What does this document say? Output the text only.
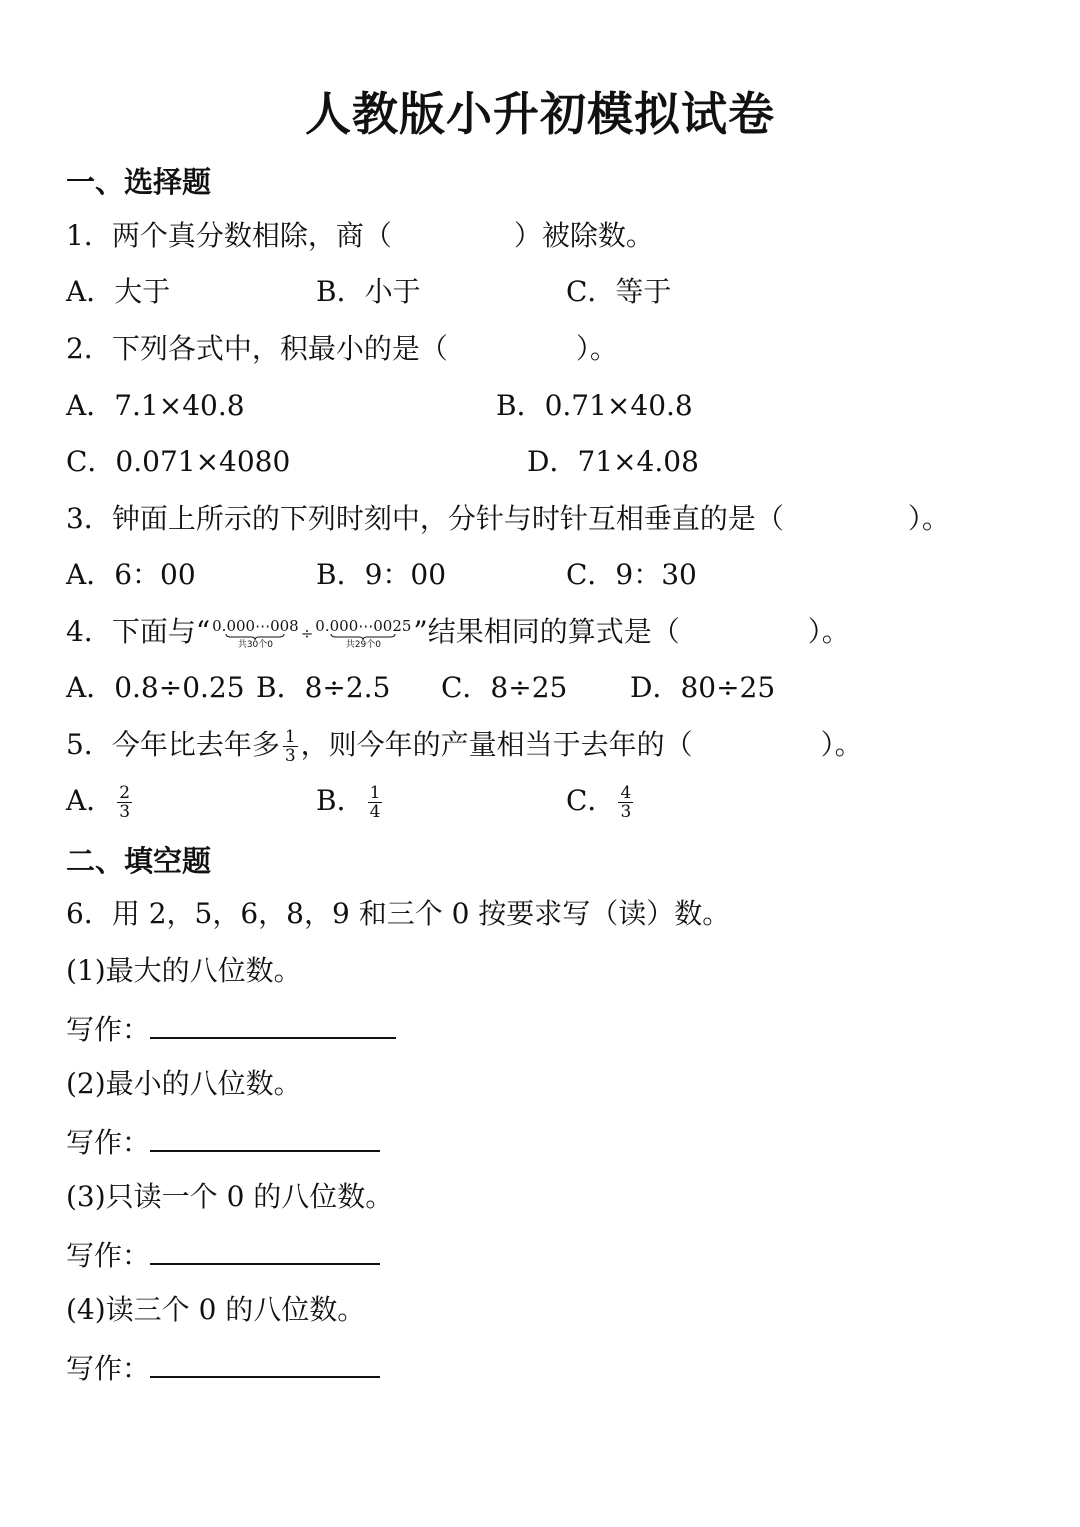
人教版小升初模拟试卷
一、选择题
1．两个真分数相除，商（	）被除数。
A．大于	B．小于	C．等于
2．下列各式中，积最小的是（	）。
A．7.1×40.8	B．0.71×40.8
C．0.071×4080	D．71×4.08
3．钟面上所示的下列时刻中，分针与时针互相垂直的是（	）。
A．6：00	B．9：00	C．9：30
4．下面与“ 0.000⋯008
共30个0
÷ 0.000⋯0025
共29个0 ”结果相同的算式是（	）。
A．0.8÷0.25 B．8÷2.5 C．8÷25 D．80÷25
5．今年比去年多 $\frac{1}{3}$ ，则今年的产量相当于去年的（	）。
A． $\frac{2}{3}$	B． $\frac{1}{4}$	C． $\frac{4}{3}$
二、填空题
6．用 2，5，6，8，9 和三个 0 按要求写（读）数。
(1)最大的八位数。
写作：
(2)最小的八位数。
写作：
(3)只读一个 0 的八位数。
写作：
(4)读三个 0 的八位数。
写作：
